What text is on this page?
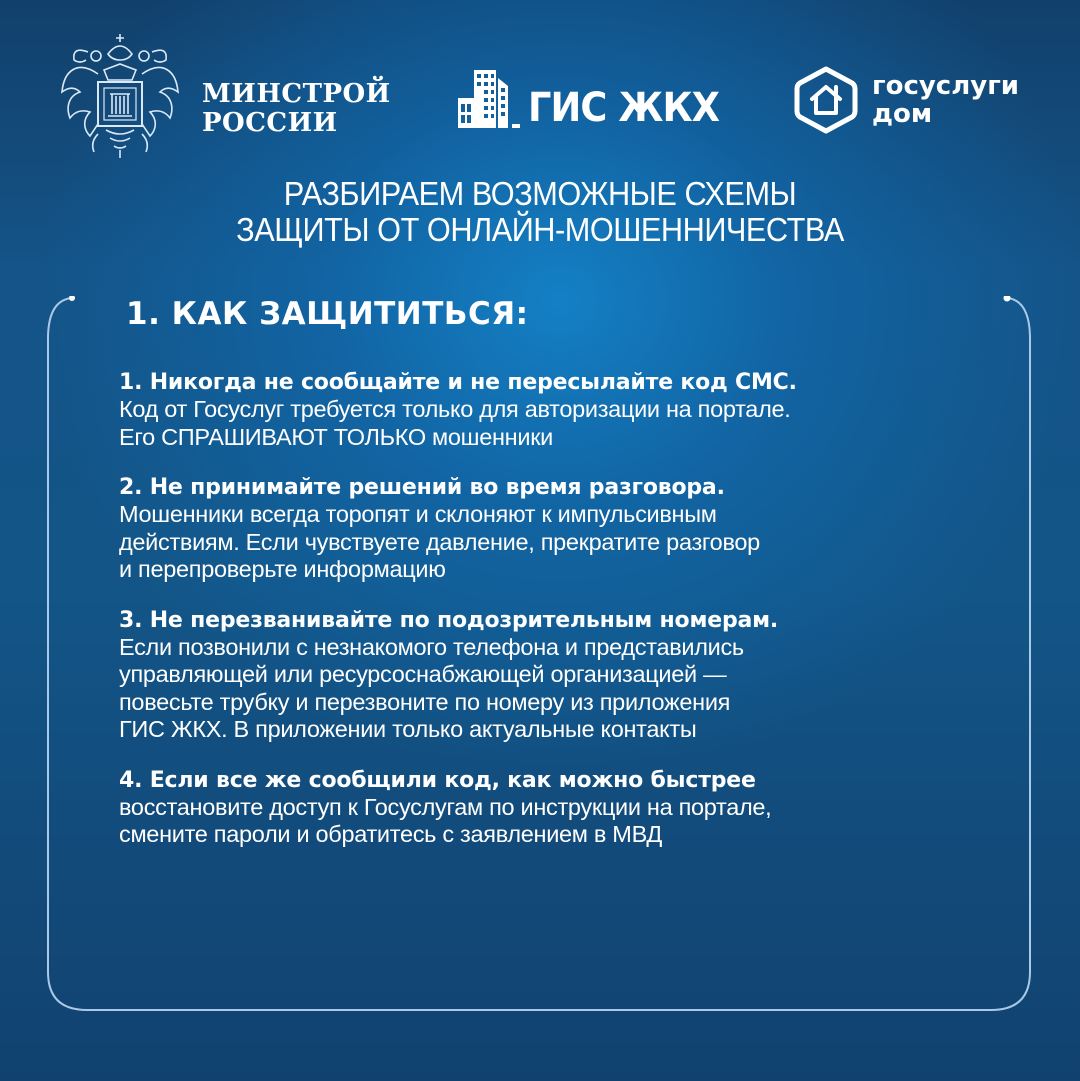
МИНСТРОЙ
РОССИИ	ГИС ЖКХ	госуслуги
дом
РАЗБИРАЕМ ВОЗМОЖНЫЕ СХЕМЫ
ЗАЩИТЫ ОТ ОНЛАЙН-МОШЕННИЧЕСТВА
1. КАК ЗАЩИТИТЬСЯ:
1. Никогда не сообщайте и не пересылайте код СМС.
Код от Госуслуг требуется только для авторизации на портале.
Его СПРАШИВАЮТ ТОЛЬКО мошенники
2. Не принимайте решений во время разговора.
Мошенники всегда торопят и склоняют к импульсивным
действиям. Если чувствуете давление, прекратите разговор
и перепроверьте информацию
3. Не перезванивайте по подозрительным номерам.
Если позвонили с незнакомого телефона и представились
управляющей или ресурсоснабжающей организацией —
повесьте трубку и перезвоните по номеру из приложения
ГИС ЖКХ. В приложении только актуальные контакты
4. Если все же сообщили код, как можно быстрее
восстановите доступ к Госуслугам по инструкции на портале,
смените пароли и обратитесь с заявлением в МВД
